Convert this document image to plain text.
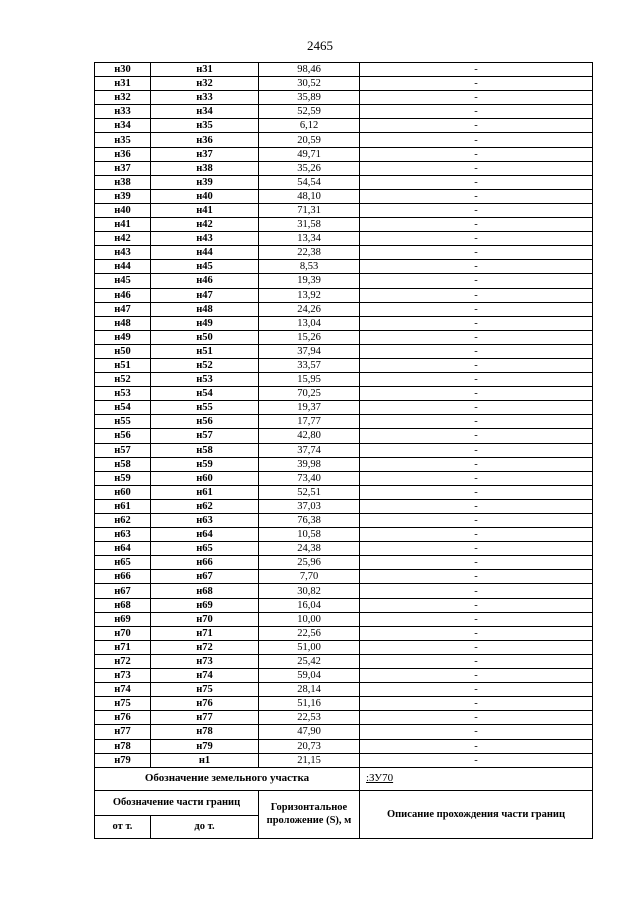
2465
н30	н31	98,46	-
н31	н32	30,52	-
н32	н33	35,89	-
н33	н34	52,59	-
н34	н35	6,12	-
н35	н36	20,59	-
н36	н37	49,71	-
н37	н38	35,26	-
н38	н39	54,54	-
н39	н40	48,10	-
н40	н41	71,31	-
н41	н42	31,58	-
н42	н43	13,34	-
н43	н44	22,38	-
н44	н45	8,53	-
н45	н46	19,39	-
н46	н47	13,92	-
н47	н48	24,26	-
н48	н49	13,04	-
н49	н50	15,26	-
н50	н51	37,94	-
н51	н52	33,57	-
н52	н53	15,95	-
н53	н54	70,25	-
н54	н55	19,37	-
н55	н56	17,77	-
н56	н57	42,80	-
н57	н58	37,74	-
н58	н59	39,98	-
н59	н60	73,40	-
н60	н61	52,51	-
н61	н62	37,03	-
н62	н63	76,38	-
н63	н64	10,58	-
н64	н65	24,38	-
н65	н66	25,96	-
н66	н67	7,70	-
н67	н68	30,82	-
н68	н69	16,04	-
н69	н70	10,00	-
н70	н71	22,56	-
н71	н72	51,00	-
н72	н73	25,42	-
н73	н74	59,04	-
н74	н75	28,14	-
н75	н76	51,16	-
н76	н77	22,53	-
н77	н78	47,90	-
н78	н79	20,73	-
н79	н1	21,15	-
Обозначение земельного участка			:ЗУ70
Обозначение части границ		Горизонтальное проложение (S), м	Описание прохождения части границ
от т.	до т.		
